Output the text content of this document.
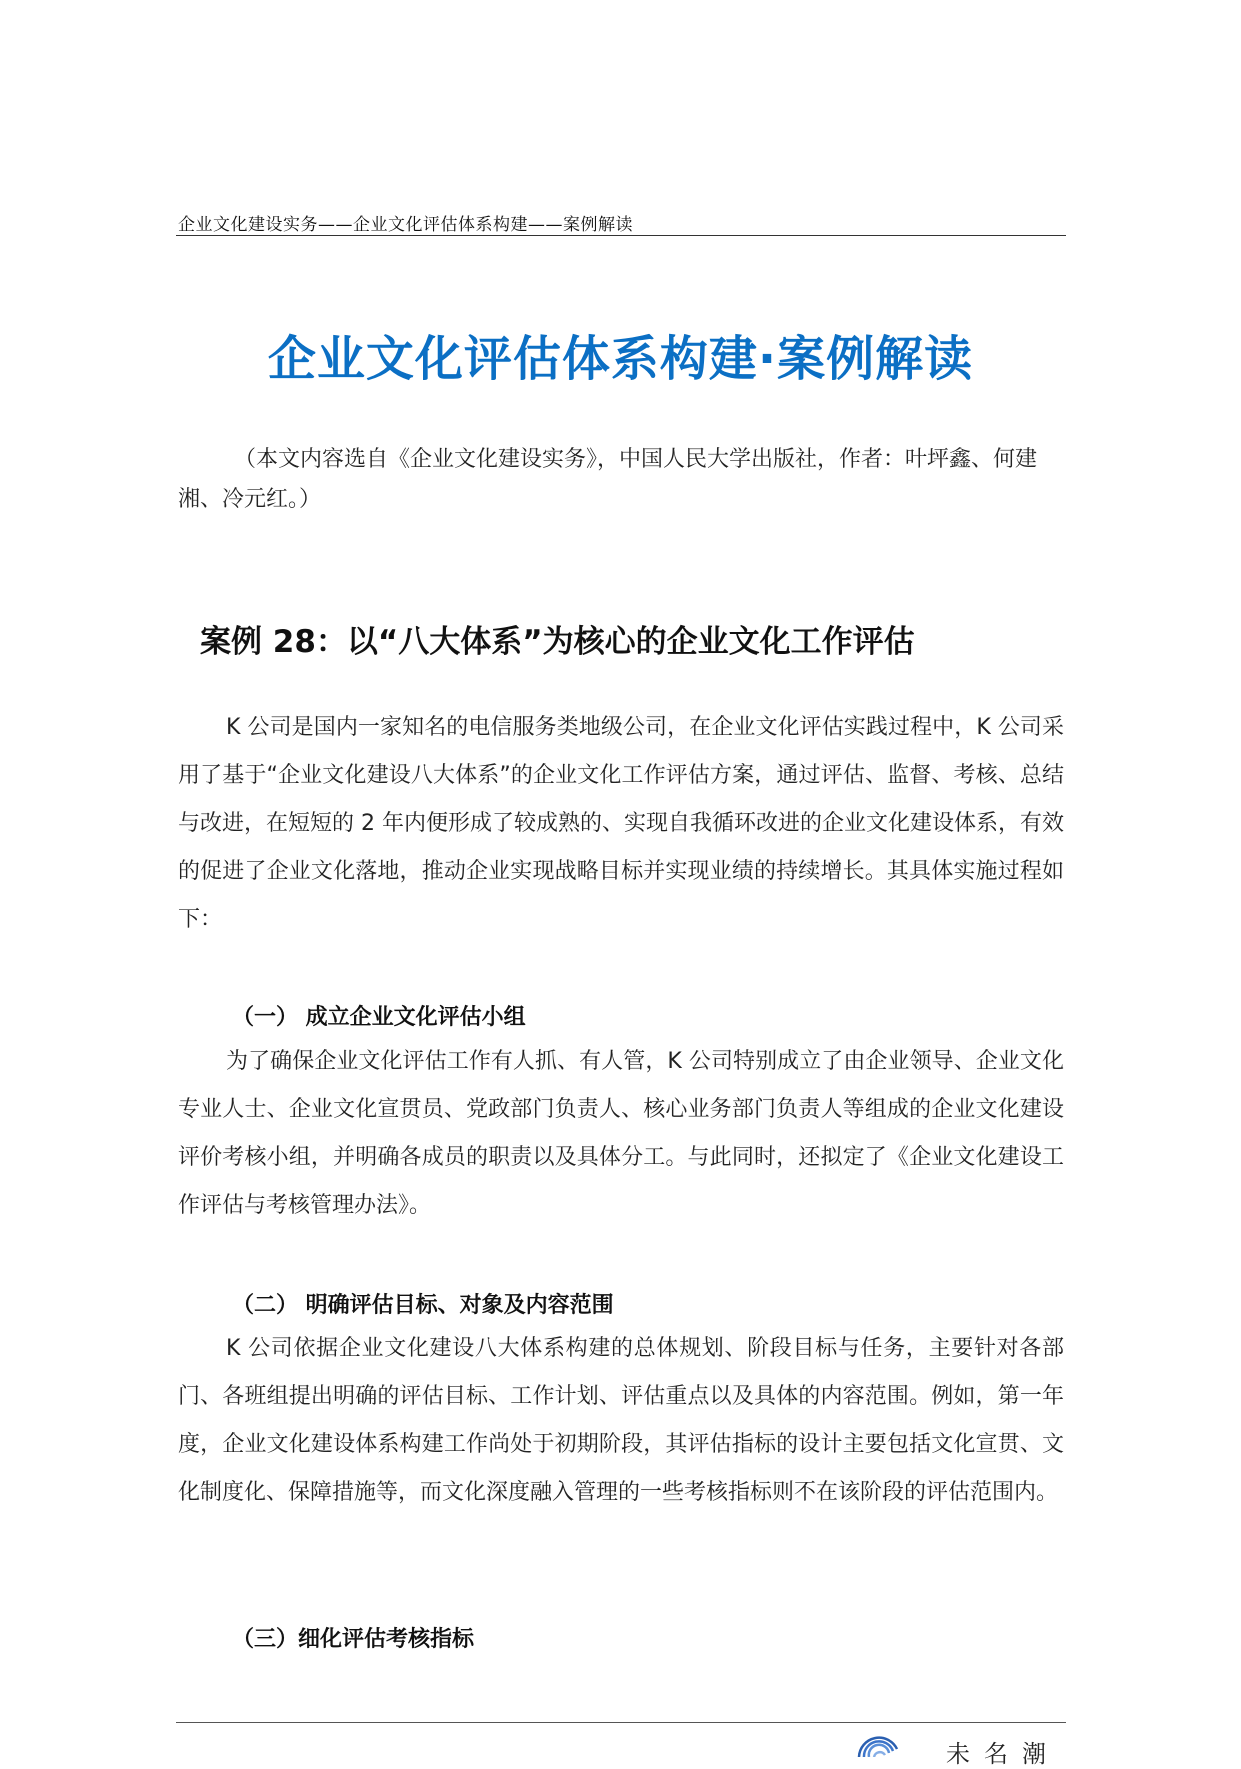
企业文化建设实务——企业文化评估体系构建——案例解读
企业文化评估体系构建·案例解读
（本文内容选自《企业文化建设实务》，中国人民大学出版社，作者：叶坪鑫、何建湘、冷元红。）
案例 28：以“八大体系”为核心的企业文化工作评估
K 公司是国内一家知名的电信服务类地级公司，在企业文化评估实践过程中，K 公司采用了基于“企业文化建设八大体系”的企业文化工作评估方案，通过评估、监督、考核、总结与改进，在短短的 2 年内便形成了较成熟的、实现自我循环改进的企业文化建设体系，有效的促进了企业文化落地，推动企业实现战略目标并实现业绩的持续增长。其具体实施过程如下：
（一） 成立企业文化评估小组
为了确保企业文化评估工作有人抓、有人管，K 公司特别成立了由企业领导、企业文化专业人士、企业文化宣贯员、党政部门负责人、核心业务部门负责人等组成的企业文化建设评价考核小组，并明确各成员的职责以及具体分工。与此同时，还拟定了《企业文化建设工作评估与考核管理办法》。
（二） 明确评估目标、对象及内容范围
K 公司依据企业文化建设八大体系构建的总体规划、阶段目标与任务，主要针对各部门、各班组提出明确的评估目标、工作计划、评估重点以及具体的内容范围。例如，第一年度，企业文化建设体系构建工作尚处于初期阶段，其评估指标的设计主要包括文化宣贯、文化制度化、保障措施等，而文化深度融入管理的一些考核指标则不在该阶段的评估范围内。
（三）细化评估考核指标
未名潮
